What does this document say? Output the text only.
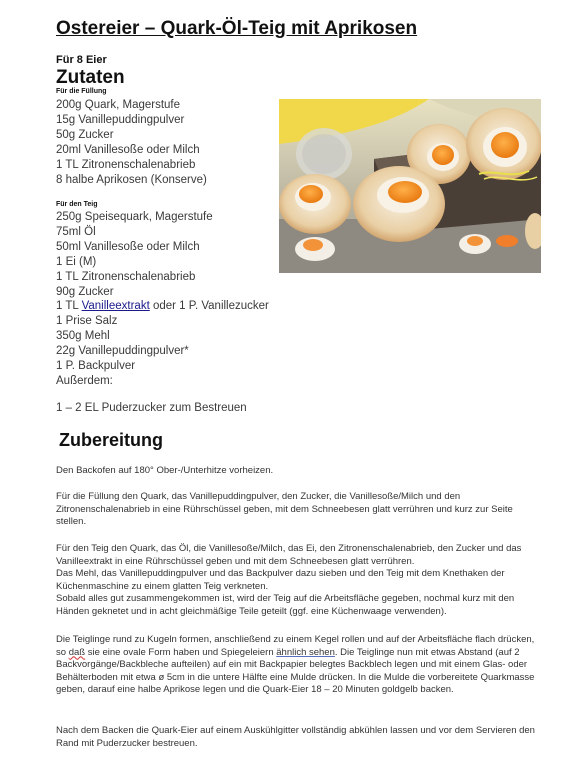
Ostereier – Quark-Öl-Teig mit Aprikosen
Für 8 Eier
Zutaten
Für die Füllung
200g Quark, Magerstufe
15g Vanillepuddingpulver
50g Zucker
20ml Vanillesoße oder Milch
1 TL Zitronenschalenabrieb
8 halbe Aprikosen (Konserve)
Für den Teig
250g Speisequark, Magerstufe
75ml Öl
50ml Vanillesoße oder Milch
1 Ei (M)
1 TL Zitronenschalenabrieb
90g Zucker
1 TL Vanilleextrakt oder 1 P. Vanillezucker
1 Prise Salz
350g Mehl
22g Vanillepuddingpulver*
1 P. Backpulver
Außerdem:
1 – 2 EL Puderzucker zum Bestreuen
Zubereitung

Den Backofen auf 180° Ober-/Unterhitze vorheizen.

Für die Füllung den Quark, das Vanillepuddingpulver, den Zucker, die Vanillesoße/Milch und den Zitronenschalenabrieb in eine Rührschüssel geben, mit dem Schneebesen glatt verrühren und kurz zur Seite stellen.

Für den Teig den Quark, das Öl, die Vanillesoße/Milch, das Ei, den Zitronenschalenabrieb, den Zucker und das Vanilleextrakt in eine Rührschüssel geben und mit dem Schneebesen glatt verrühren.
Das Mehl, das Vanillepuddingpulver und das Backpulver dazu sieben und den Teig mit dem Knethaken der Küchenmaschine zu einem glatten Teig verkneten.
Sobald alles gut zusammengekommen ist, wird der Teig auf die Arbeitsfläche gegeben, nochmal kurz mit den Händen geknetet und in acht gleichmäßige Teile geteilt (ggf. eine Küchenwaage verwenden).

Die Teiglinge rund zu Kugeln formen, anschließend zu einem Kegel rollen und auf der Arbeitsfläche flach drücken, so daß sie eine ovale Form haben und Spiegeleiern ähnlich sehen. Die Teiglinge nun mit etwas Abstand (auf 2 Backvorgänge/Backbleche aufteilen) auf ein mit Backpapier belegtes Backblech legen und mit einem Glas- oder Behälterboden mit etwa ø 5cm in die untere Hälfte eine Mulde drücken. In die Mulde die vorbereitete Quarkmasse geben, darauf eine halbe Aprikose legen und die Quark-Eier 18 – 20 Minuten goldgelb backen.

Nach dem Backen die Quark-Eier auf einem Auskühlgitter vollständig abkühlen lassen und vor dem Servieren den Rand mit Puderzucker bestreuen.
